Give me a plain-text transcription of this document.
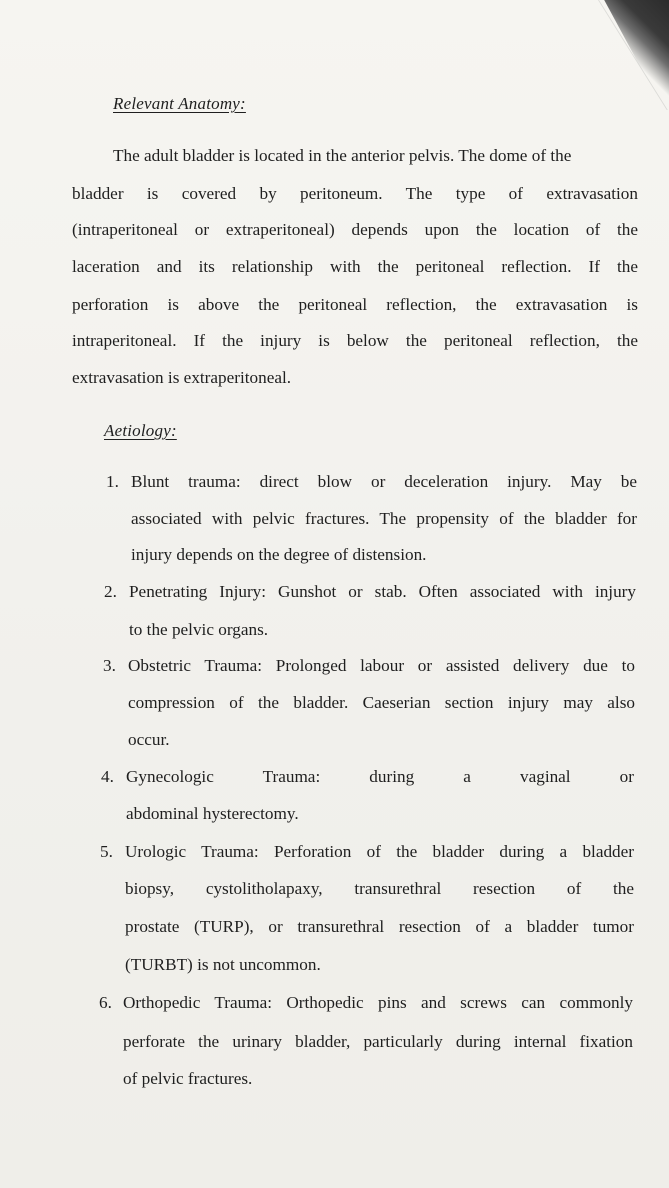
Relevant Anatomy:
The adult bladder is located in the anterior pelvis. The dome of the
bladder is covered by peritoneum. The type of extravasation
(intraperitoneal or extraperitoneal) depends upon the location of the
laceration and its relationship with the peritoneal reflection. If the
perforation is above the peritoneal reflection, the extravasation is
intraperitoneal. If the injury is below the peritoneal reflection, the
extravasation is extraperitoneal.
Aetiology:
1. Blunt trauma: direct blow or deceleration injury. May be
associated with pelvic fractures. The propensity of the bladder for
injury depends on the degree of distension.
2. Penetrating Injury: Gunshot or stab. Often associated with injury
to the pelvic organs.
3. Obstetric Trauma: Prolonged labour or assisted delivery due to
compression of the bladder. Caeserian section injury may also
occur.
4. Gynecologic Trauma: during a vaginal or
abdominal hysterectomy.
5. Urologic Trauma: Perforation of the bladder during a bladder
biopsy, cystolitholapaxy, transurethral resection of the
prostate (TURP), or transurethral resection of a bladder tumor
(TURBT) is not uncommon.
6. Orthopedic Trauma: Orthopedic pins and screws can commonly
perforate the urinary bladder, particularly during internal fixation
of pelvic fractures.
